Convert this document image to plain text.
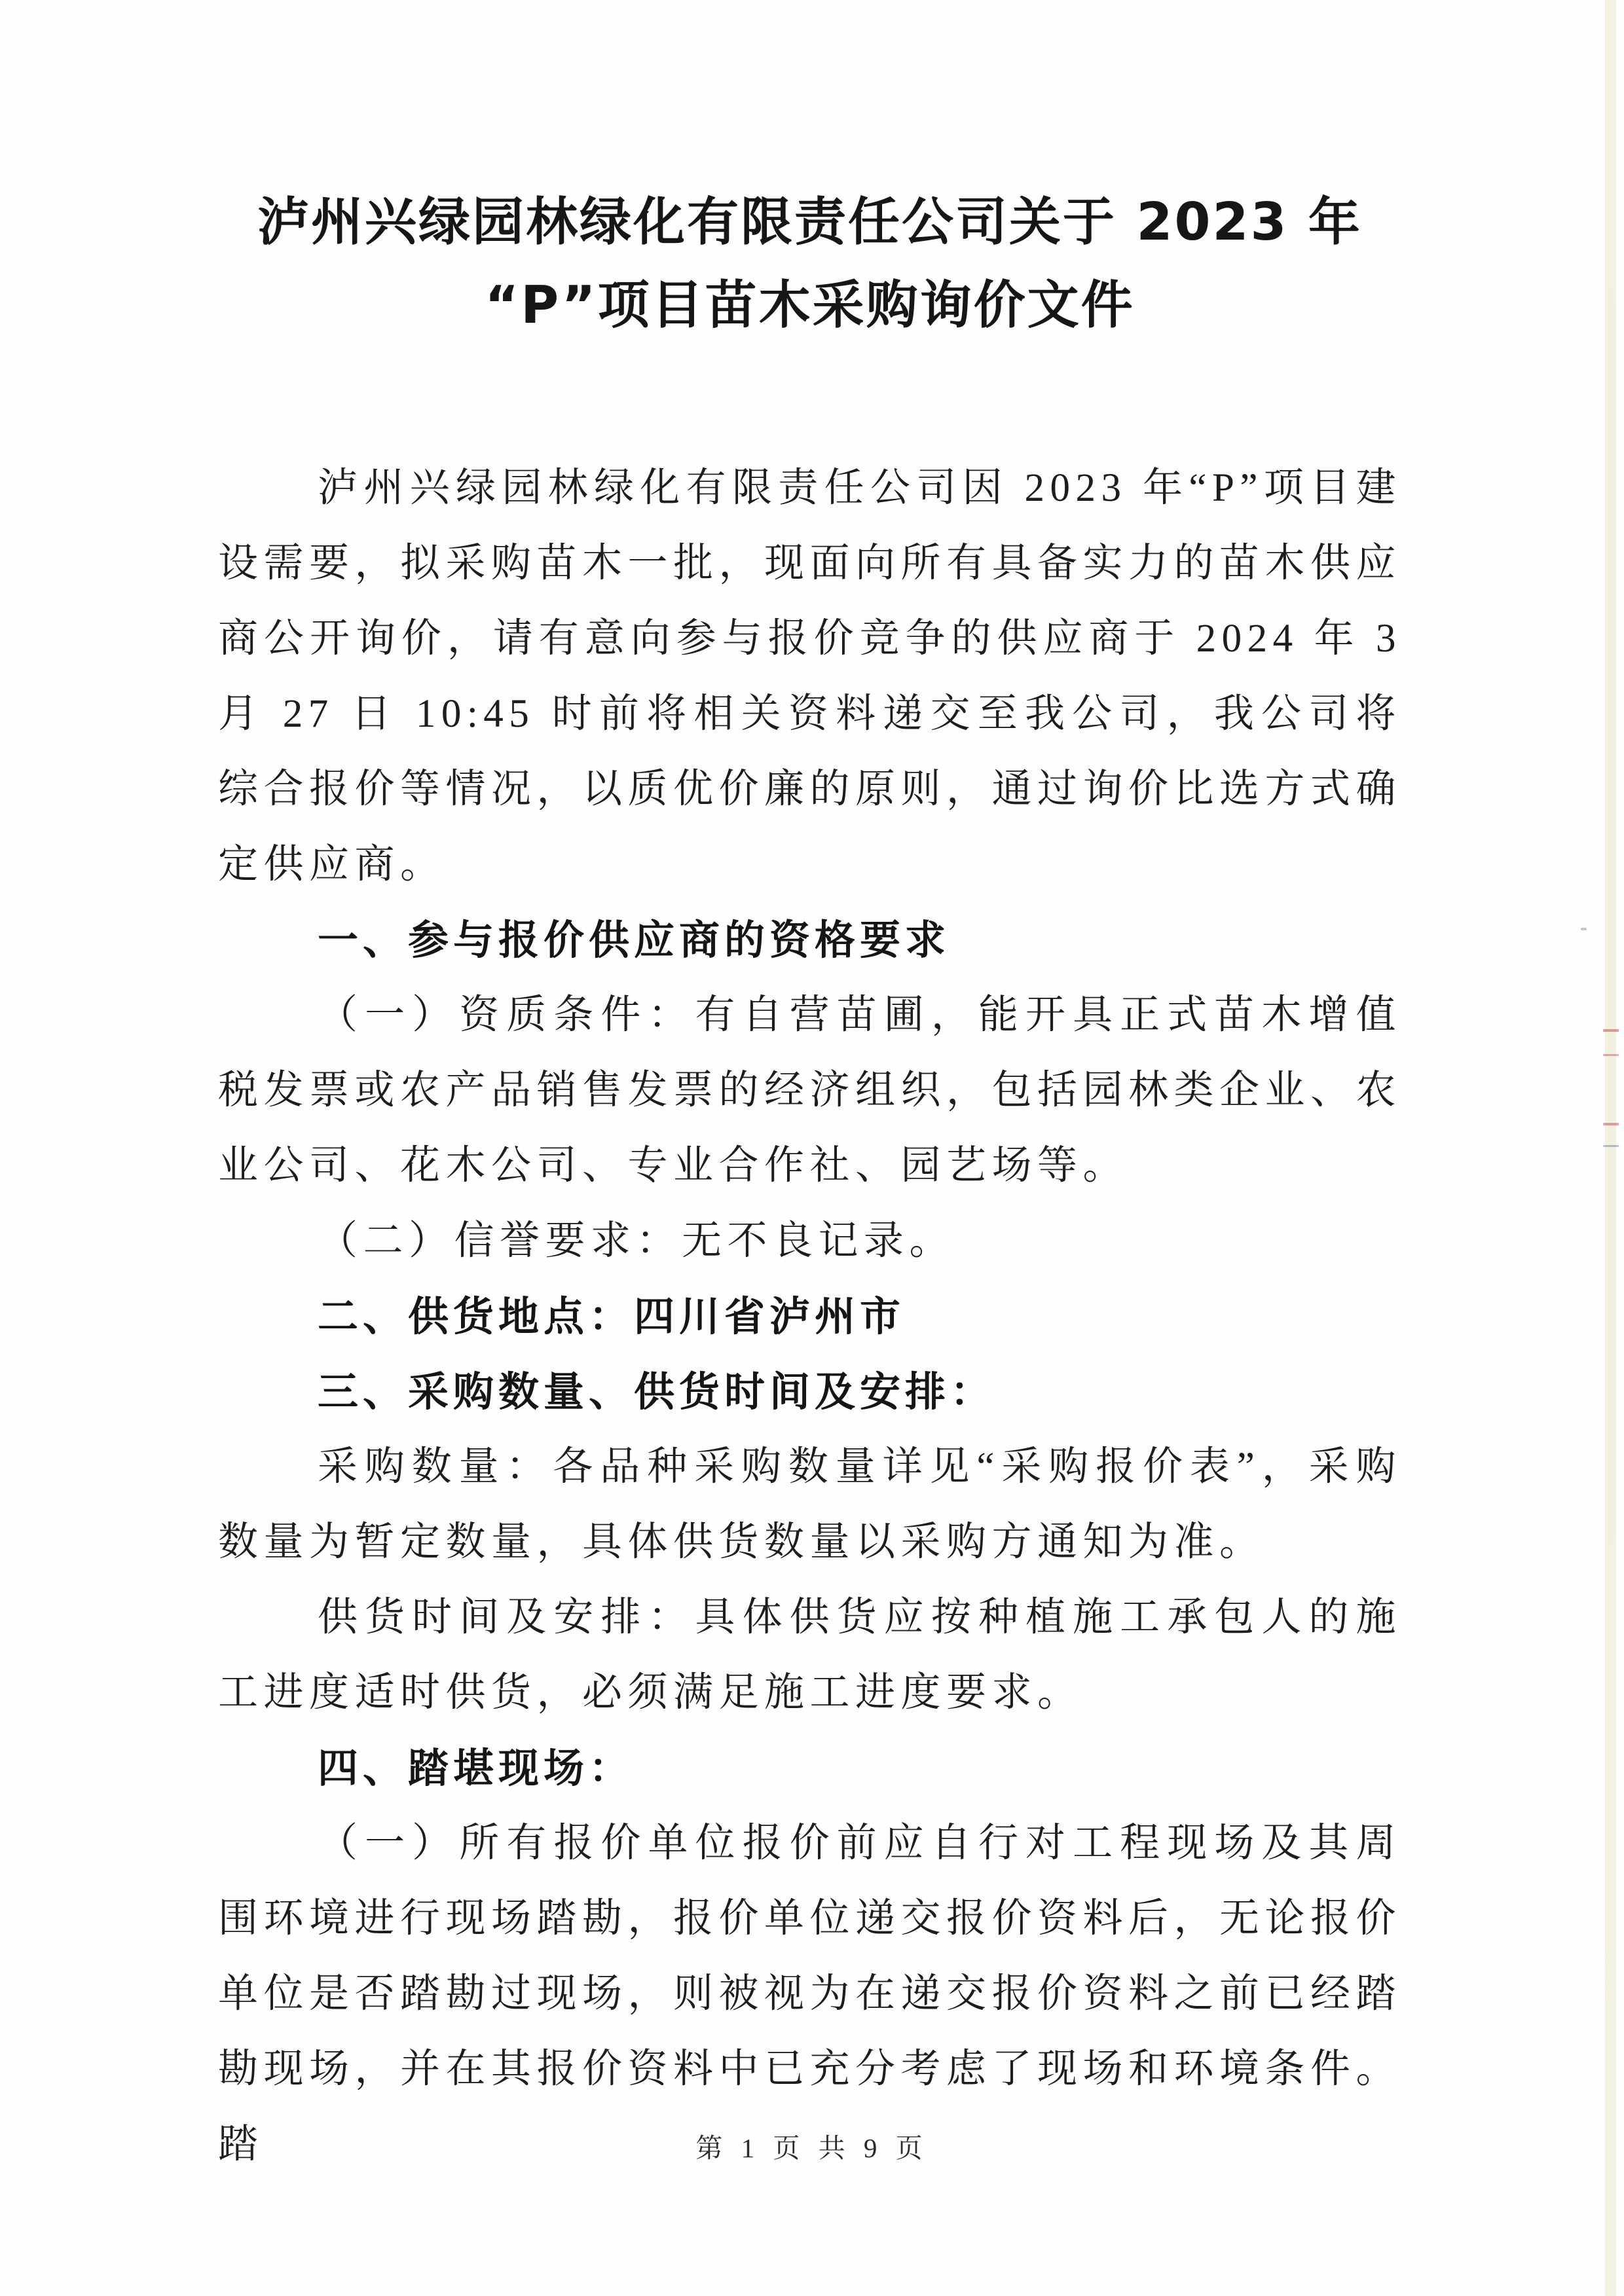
泸州兴绿园林绿化有限责任公司关于 2023 年
“P”项目苗木采购询价文件

泸州兴绿园林绿化有限责任公司因 2023 年“P”项目建设需要，拟采购苗木一批，现面向所有具备实力的苗木供应商公开询价，请有意向参与报价竞争的供应商于 2024 年 3 月 27 日 10:45 时前将相关资料递交至我公司，我公司将综合报价等情况，以质优价廉的原则，通过询价比选方式确定供应商。

一、参与报价供应商的资格要求

（一）资质条件：有自营苗圃，能开具正式苗木增值税发票或农产品销售发票的经济组织，包括园林类企业、农业公司、花木公司、专业合作社、园艺场等。

（二）信誉要求：无不良记录。

二、供货地点：四川省泸州市

三、采购数量、供货时间及安排：

采购数量：各品种采购数量详见“采购报价表”，采购数量为暂定数量，具体供货数量以采购方通知为准。

供货时间及安排：具体供货应按种植施工承包人的施工进度适时供货，必须满足施工进度要求。

四、踏堪现场：

（一）所有报价单位报价前应自行对工程现场及其周围环境进行现场踏勘，报价单位递交报价资料后，无论报价单位是否踏勘过现场，则被视为在递交报价资料之前已经踏勘现场，并在其报价资料中已充分考虑了现场和环境条件。踏	第 1 页 共 9 页
